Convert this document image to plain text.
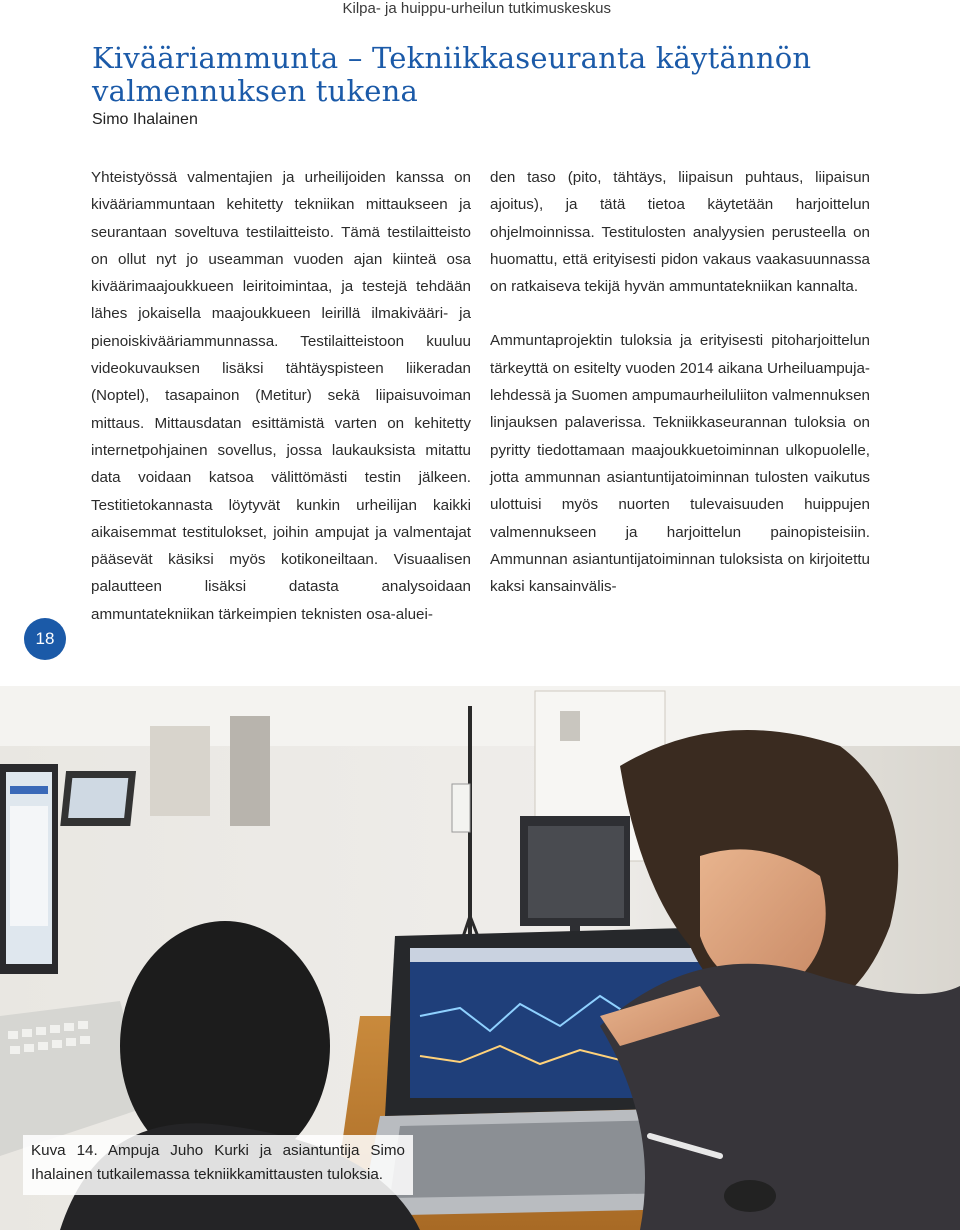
Kilpa- ja huippu-urheilun tutkimuskeskus
Kivääriammunta – Tekniikkaseuranta käytännön valmennuksen tukena
Simo Ihalainen

Yhteistyössä valmentajien ja urheilijoiden kanssa on kivääriammuntaan kehitetty tekniikan mittaukseen ja seurantaan soveltuva testilaitteisto. Tämä testilaitteisto on ollut nyt jo useamman vuoden ajan kiinteä osa kiväärimaajoukkueen leiritoimintaa, ja testejä tehdään lähes jokaisella maajoukkueen leirillä ilmakivääri- ja pienoiskivääriammunnassa. Testilaitteistoon kuuluu videokuvauksen lisäksi tähtäyspisteen liikeradan (Noptel), tasapainon (Metitur) sekä liipaisuvoiman mittaus. Mittausdatan esittämistä varten on kehitetty internetpohjainen sovellus, jossa laukauksista mitattu data voidaan katsoa välittömästi testin jälkeen. Testitietokannasta löytyvät kunkin urheilijan kaikki aikaisemmat testitulokset, joihin ampujat ja valmentajat pääsevät käsiksi myös kotikoneiltaan. Visuaalisen palautteen lisäksi datasta analysoidaan ammuntatekniikan tärkeimpien teknisten osa-aluei-

den taso (pito, tähtäys, liipaisun puhtaus, liipaisun ajoitus), ja tätä tietoa käytetään harjoittelun ohjelmoinnissa. Testitulosten analyysien perusteella on huomattu, että erityisesti pidon vakaus vaakasuunnassa on ratkaiseva tekijä hyvän ammuntatekniikan kannalta.

Ammuntaprojektin tuloksia ja erityisesti pitoharjoittelun tärkeyttä on esitelty vuoden 2014 aikana Urheiluampuja-lehdessä ja Suomen ampumaurheiluliiton valmennuksen linjauksen palaverissa. Tekniikkaseurannan tuloksia on pyritty tiedottamaan maajoukkuetoiminnan ulkopuolelle, jotta ammunnan asiantuntijatoiminnan tulosten vaikutus ulottuisi myös nuorten tulevaisuuden huippujen valmennukseen ja harjoittelun painopisteisiin. Ammunnan asiantuntijatoiminnan tuloksista on kirjoitettu kaksi kansainvälis-

18
Kuva 14. Ampuja Juho Kurki ja asiantuntija Simo Ihalainen tutkailemassa tekniikkamittausten tuloksia.
